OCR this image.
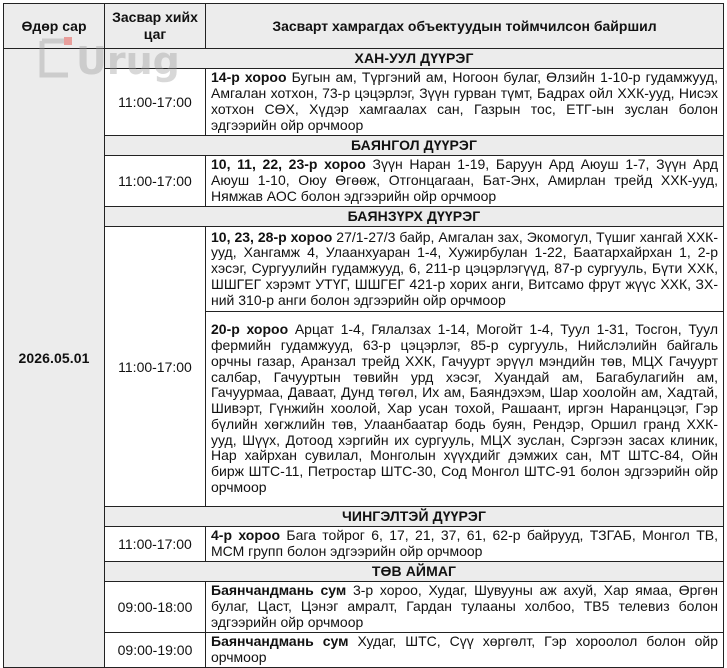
Өдөр сар	Засвар хийх цаг	Засварт хамрагдах объектуудын тоймчилсон байршил
2026.05.01	ХАН-УУЛ ДҮҮРЭГ	
	11:00-17:00	14-р хороо Бугын ам, Түргэний ам, Ногоон булаг, Өлзийн 1-10-р гудамжууд, Амгалан хотхон, 73-р цэцэрлэг, Зүүн гурван түмт, Бадрах ойл ХХК-ууд, Нисэх хотхон СӨХ, Хүдэр хамгаалах сан, Газрын тос, ЕТГ-ын зуслан болон эдгээрийн ойр орчмоор
	БАЯНГОЛ ДҮҮРЭГ	
	11:00-17:00	10, 11, 22, 23-р хороо Зүүн Наран 1-19, Баруун Ард Аюуш 1-7, Зүүн Ард Аюуш 1-10, Оюу Өгөөж, Отгонцагаан, Бат-Энх, Амирлан трейд ХХК-ууд, Нямжав АОС болон эдгээрийн ойр орчмоор
	БАЯНЗҮРХ ДҮҮРЭГ	
	11:00-17:00	10, 23, 28-р хороо 27/1-27/3 байр, Амгалан зах, Экомогул, Түшиг хангай ХХК-ууд, Хангамж 4, Улаанхуаран 1-4, Хужирбулан 1-22, Баатархайрхан 1, 2-р хэсэг, Сургуулийн гудамжууд, 6, 211-р цэцэрлэгүүд, 87-р сургууль, Бүти ХХК, ШШГЕГ хэрэмт УТҮГ, ШШГЕГ 421-р хорих анги, Витсамо фрут жүүс ХХК, ЗХ-ний 310-р анги болон эдгээрийн ойр орчмоор
		20-р хороо Арцат 1-4, Гялалзах 1-14, Могойт 1-4, Туул 1-31, Тосгон, Туул фермийн гудамжууд, 63-р цэцэрлэг, 85-р сургууль, Нийслэлийн байгаль орчны газар, Аранзал трейд ХХК, Гачуурт эрүүл мэндийн төв, МЦХ Гачуурт салбар, Гачууртын төвийн урд хэсэг, Хуандай ам, Багабулагийн ам, Гачуурмаа, Даваат, Дунд төгөл, Их ам, Баяндэхэм, Шар хоолойн ам, Хадтай, Шивэрт, Гүнжийн хоолой, Хар усан тохой, Рашаант, иргэн Наранцэцэг, Гэр бүлийн хөгжлийн төв, Улаанбаатар бодь буян, Рендэр, Оршил гранд ХХК-ууд, Шүүх, Дотоод хэргийн их сургууль, МЦХ зуслан, Сэргээн засах клиник, Нар хайрхан сувилал, Монголын хүүхдийг дэмжих сан, МТ ШТС-84, Ойн бирж ШТС-11, Петростар ШТС-30, Сод Монгол ШТС-91 болон эдгээрийн ойр орчмоор
	ЧИНГЭЛТЭЙ ДҮҮРЭГ	
	11:00-17:00	4-р хороо Бага тойрог 6, 17, 21, 37, 61, 62-р байрууд, ТЗГАБ, Монгол ТВ, МСМ групп болон эдгээрийн ойр орчмоор
	ТӨВ АЙМАГ	
	09:00-18:00	Баянчандмань сум 3-р хороо, Худаг, Шувууны аж ахуй, Хар ямаа, Өргөн булаг, Цаст, Цэнэг амралт, Гардан тулааны холбоо, ТВ5 телевиз болон эдгээрийн ойр орчмоор
	09:00-19:00	Баянчандмань сум Худаг, ШТС, Сүү хөргөлт, Гэр хороолол болон ойр орчмоор
Urug
